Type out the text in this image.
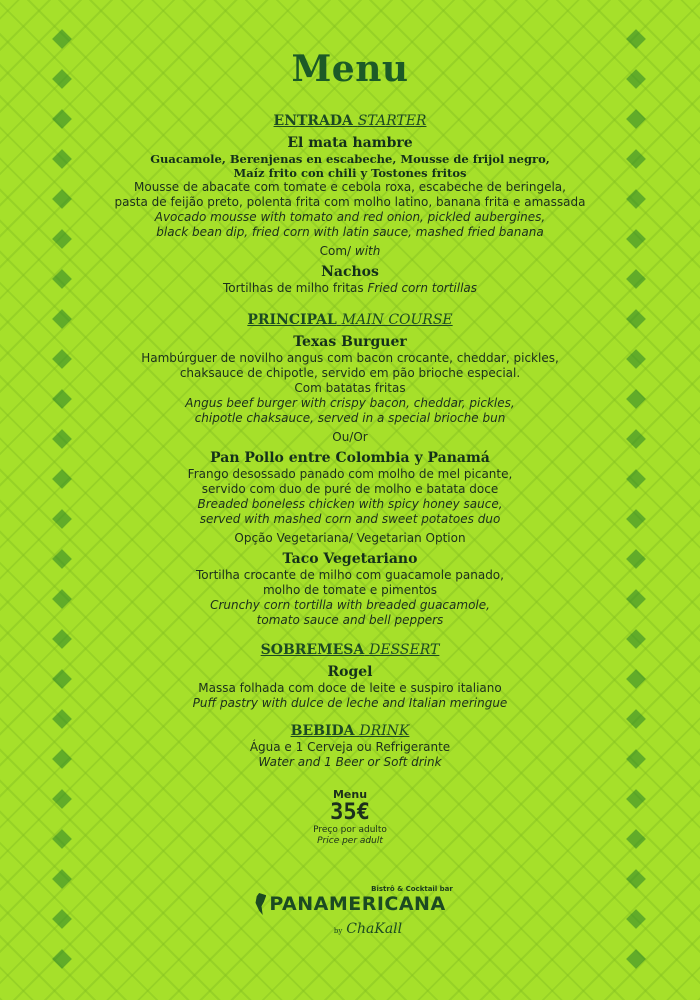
Menu
ENTRADA STARTER
El mata hambre
Guacamole, Berenjenas en escabeche, Mousse de frijol negro,
Maíz frito con chili y Tostones fritos
Mousse de abacate com tomate e cebola roxa, escabeche de beringela,
pasta de feijão preto, polenta frita com molho latino, banana frita e amassada
Avocado mousse with tomato and red onion, pickled aubergines,
black bean dip, fried corn with latin sauce, mashed fried banana
Com/ with
Nachos
Tortilhas de milho fritas Fried corn tortillas
PRINCIPAL MAIN COURSE
Texas Burguer
Hambúrguer de novilho angus com bacon crocante, cheddar, pickles,
chaksauce de chipotle, servido em pão brioche especial.
Com batatas fritas
Angus beef burger with crispy bacon, cheddar, pickles,
chipotle chaksauce, served in a special brioche bun
Ou/Or
Pan Pollo entre Colombia y Panamá
Frango desossado panado com molho de mel picante,
servido com duo de puré de molho e batata doce
Breaded boneless chicken with spicy honey sauce,
served with mashed corn and sweet potatoes duo
Opção Vegetariana/ Vegetarian Option
Taco Vegetariano
Tortilha crocante de milho com guacamole panado,
molho de tomate e pimentos
Crunchy corn tortilla with breaded guacamole,
tomato sauce and bell peppers
SOBREMESA DESSERT
Rogel
Massa folhada com doce de leite e suspiro italiano
Puff pastry with dulce de leche and Italian meringue
BEBIDA DRINK
Água e 1 Cerveja ou Refrigerante
Water and 1 Beer or Soft drink
Menu
35€
Preço por adulto
Price per adult
Bistrô & Cocktail bar
PANAMERICANA
by ChaKall
